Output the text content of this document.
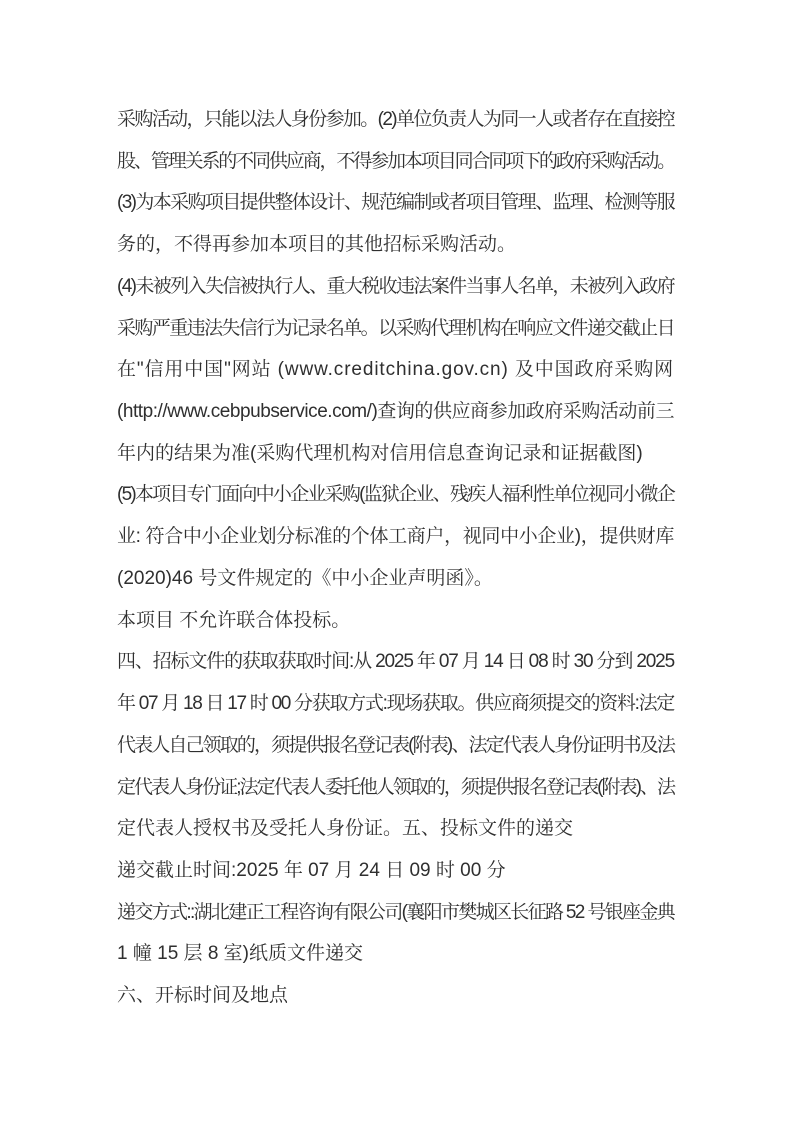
采购活动，只能以法人身份参加。(2)单位负责人为同一人或者存在直接控
股、管理关系的不同供应商，不得参加本项目同合同项下的政府采购活动。
(3)为本采购项目提供整体设计、规范编制或者项目管理、监理、检测等服
务的，不得再参加本项目的其他招标采购活动。
(4)未被列入失信被执行人、重大税收违法案件当事人名单，未被列入政府
采购严重违法失信行为记录名单。以采购代理机构在响应文件递交截止日
在"信用中国"网站 (www.creditchina.gov.cn) 及中国政府采购网
(http://www.cebpubservice.com/)查询的供应商参加政府采购活动前三
年内的结果为准(采购代理机构对信用信息查询记录和证据截图)
(5)本项目专门面向中小企业采购(监狱企业、残疾人福利性单位视同小微企
业: 符合中小企业划分标准的个体工商户，视同中小企业)，提供财库
(2020)46 号文件规定的《中小企业声明函》。
本项目 不允许联合体投标。
四、招标文件的获取获取时间:从 2025 年 07 月 14 日 08 时 30 分到 2025
年 07 月 18 日 17 时 00 分获取方式:现场获取。供应商须提交的资料:法定
代表人自己领取的，须提供报名登记表(附表)、法定代表人身份证明书及法
定代表人身份证;法定代表人委托他人领取的，须提供报名登记表(附表)、法
定代表人授权书及受托人身份证。五、投标文件的递交
递交截止时间:2025 年 07 月 24 日 09 时 00 分
递交方式::湖北建正工程咨询有限公司(襄阳市樊城区长征路 52 号银座金典
1 幢 15 层 8 室)纸质文件递交
六、开标时间及地点
